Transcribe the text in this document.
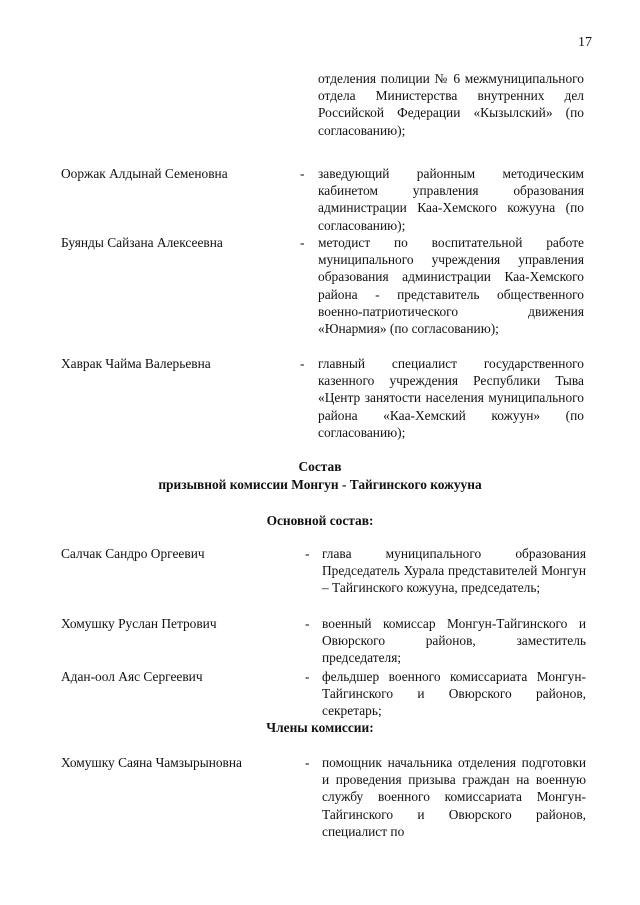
17
отделения полиции № 6 межмуниципального отдела Министерства внутренних дел Российской Федерации «Кызылский» (по согласованию);
Ооржак Алдынай Семеновна	- заведующий районным методическим кабинетом управления образования администрации Каа-Хемского кожууна (по согласованию);
Буянды Сайзана Алексеевна	- методист по воспитательной работе муниципального учреждения управления образования администрации Каа-Хемского района - представитель общественного военно-патриотического движения «Юнармия» (по согласованию);
Хаврак Чайма Валерьевна	- главный специалист государственного казенного учреждения Республики Тыва «Центр занятости населения муниципального района «Каа-Хемский кожуун» (по согласованию);
Состав
призывной комиссии Монгун - Тайгинского кожууна
Основной состав:
Салчак Сандро Оргеевич	- глава муниципального образования Председатель Хурала представителей Монгун – Тайгинского кожууна, председатель;
Хомушку Руслан Петрович	- военный комиссар Монгун-Тайгинского и Овюрского районов, заместитель председателя;
Адан-оол Аяс Сергеевич	- фельдшер военного комиссариата Монгун-Тайгинского и Овюрского районов, секретарь;
Члены комиссии:
Хомушку Саяна Чамзырыновна	- помощник начальника отделения подготовки и проведения призыва граждан на военную службу военного комиссариата Монгун-Тайгинского и Овюрского районов, специалист по
